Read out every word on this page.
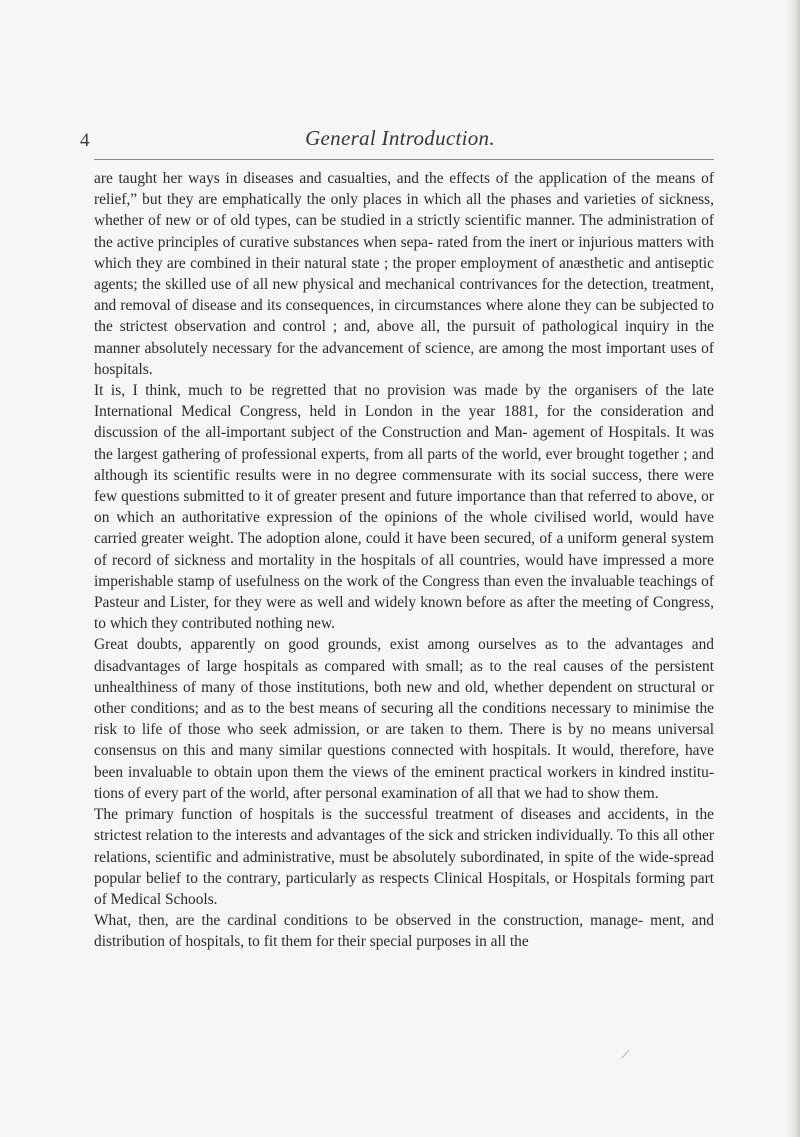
4	General Introduction.

are taught her ways in diseases and casualties, and the effects of the application of the means of relief,” but they are emphatically the only places in which all the phases and varieties of sickness, whether of new or of old types, can be studied in a strictly scientific manner. The administration of the active principles of curative substances when sepa- rated from the inert or injurious matters with which they are combined in their natural state ; the proper employment of anæsthetic and antiseptic agents; the skilled use of all new physical and mechanical contrivances for the detection, treatment, and removal of disease and its consequences, in circumstances where alone they can be subjected to the strictest observation and control ; and, above all, the pursuit of pathological inquiry in the manner absolutely necessary for the advancement of science, are among the most important uses of hospitals.

It is, I think, much to be regretted that no provision was made by the organisers of the late International Medical Congress, held in London in the year 1881, for the consideration and discussion of the all-important subject of the Construction and Man- agement of Hospitals. It was the largest gathering of professional experts, from all parts of the world, ever brought together ; and although its scientific results were in no degree commensurate with its social success, there were few questions submitted to it of greater present and future importance than that referred to above, or on which an authoritative expression of the opinions of the whole civilised world, would have carried greater weight. The adoption alone, could it have been secured, of a uniform general system of record of sickness and mortality in the hospitals of all countries, would have impressed a more imperishable stamp of usefulness on the work of the Congress than even the invaluable teachings of Pasteur and Lister, for they were as well and widely known before as after the meeting of Congress, to which they contributed nothing new.

Great doubts, apparently on good grounds, exist among ourselves as to the advantages and disadvantages of large hospitals as compared with small; as to the real causes of the persistent unhealthiness of many of those institutions, both new and old, whether dependent on structural or other conditions; and as to the best means of securing all the conditions necessary to minimise the risk to life of those who seek admission, or are taken to them. There is by no means universal consensus on this and many similar questions connected with hospitals. It would, therefore, have been invaluable to obtain upon them the views of the eminent practical workers in kindred institu- tions of every part of the world, after personal examination of all that we had to show them.

The primary function of hospitals is the successful treatment of diseases and accidents, in the strictest relation to the interests and advantages of the sick and stricken individually. To this all other relations, scientific and administrative, must be absolutely subordinated, in spite of the wide-spread popular belief to the contrary, particularly as respects Clinical Hospitals, or Hospitals forming part of Medical Schools.

What, then, are the cardinal conditions to be observed in the construction, manage- ment, and distribution of hospitals, to fit them for their special purposes in all the
